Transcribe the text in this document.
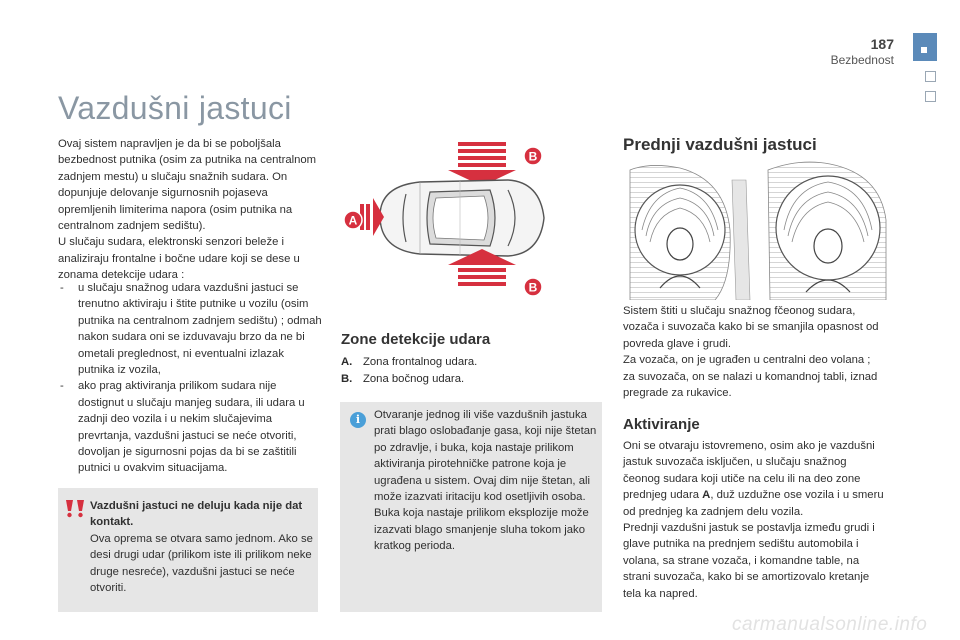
187
Bezbednost
Vazdušni jastuci

Ovaj sistem napravljen je da bi se poboljšala bezbednost putnika (osim za putnika na centralnom zadnjem mestu) u slučaju snažnih sudara. On dopunjuje delovanje sigurnosnih pojaseva opremljenih limiterima napora (osim putnika na centralnom zadnjem sedištu).

U slučaju sudara, elektronski senzori beleže i analiziraju frontalne i bočne udare koji se dese u zonama detekcije udara :

- u slučaju snažnog udara vazdušni jastuci se trenutno aktiviraju i štite putnike u vozilu (osim putnika na centralnom zadnjem sedištu) ; odmah nakon sudara oni se izduvavaju brzo da ne bi ometali preglednost, ni eventualni izlazak putnika iz vozila,
- ako prag aktiviranja prilikom sudara nije dostignut u slučaju manjeg sudara, ili udara u zadnji deo vozila i u nekim slučajevima prevrtanja, vazdušni jastuci se neće otvoriti, dovoljan je sigurnosni pojas da bi se zaštitili putnici u ovakvim situacijama.

Vazdušni jastuci ne deluju kada nije dat kontakt.

Ova oprema se otvara samo jednom. Ako se desi drugi udar (prilikom iste ili prilikom neke druge nesreće), vazdušni jastuci se neće otvoriti.

A
B
B
Zone detekcije udara
A. Zona frontalnog udara.
B. Zona bočnog udara.
i	Otvaranje jednog ili više vazdušnih jastuka prati blago oslobađanje gasa, koji nije štetan po zdravlje, i buka, koja nastaje prilikom aktiviranja pirotehničke patrone koja je ugrađena u sistem. Ovaj dim nije štetan, ali može izazvati iritaciju kod osetljivih osoba. Buka koja nastaje prilikom eksplozije može izazvati blago smanjenje sluha tokom jako kratkog perioda.

Prednji vazdušni jastuci

Sistem štiti u slučaju snažnog fčeonog sudara, vozača i suvozača kako bi se smanjila opasnost od povreda glave i grudi.

Za vozača, on je ugrađen u centralni deo volana ; za suvozača, on se nalazi u komandnoj tabli, iznad pregrade za rukavice.

Aktiviranje

Oni se otvaraju istovremeno, osim ako je vazdušni jastuk suvozača isključen, u slučaju snažnog čeonog sudara koji utiče na celu ili na deo zone prednjeg udara A, duž uzdužne ose vozila i u smeru od prednjeg ka zadnjem delu vozila.

Prednji vazdušni jastuk se postavlja između grudi i glave putnika na prednjem sedištu automobila i volana, sa strane vozača, i komandne table, na strani suvozača, kako bi se amortizovalo kretanje tela ka napred.

carmanualsonline.info
